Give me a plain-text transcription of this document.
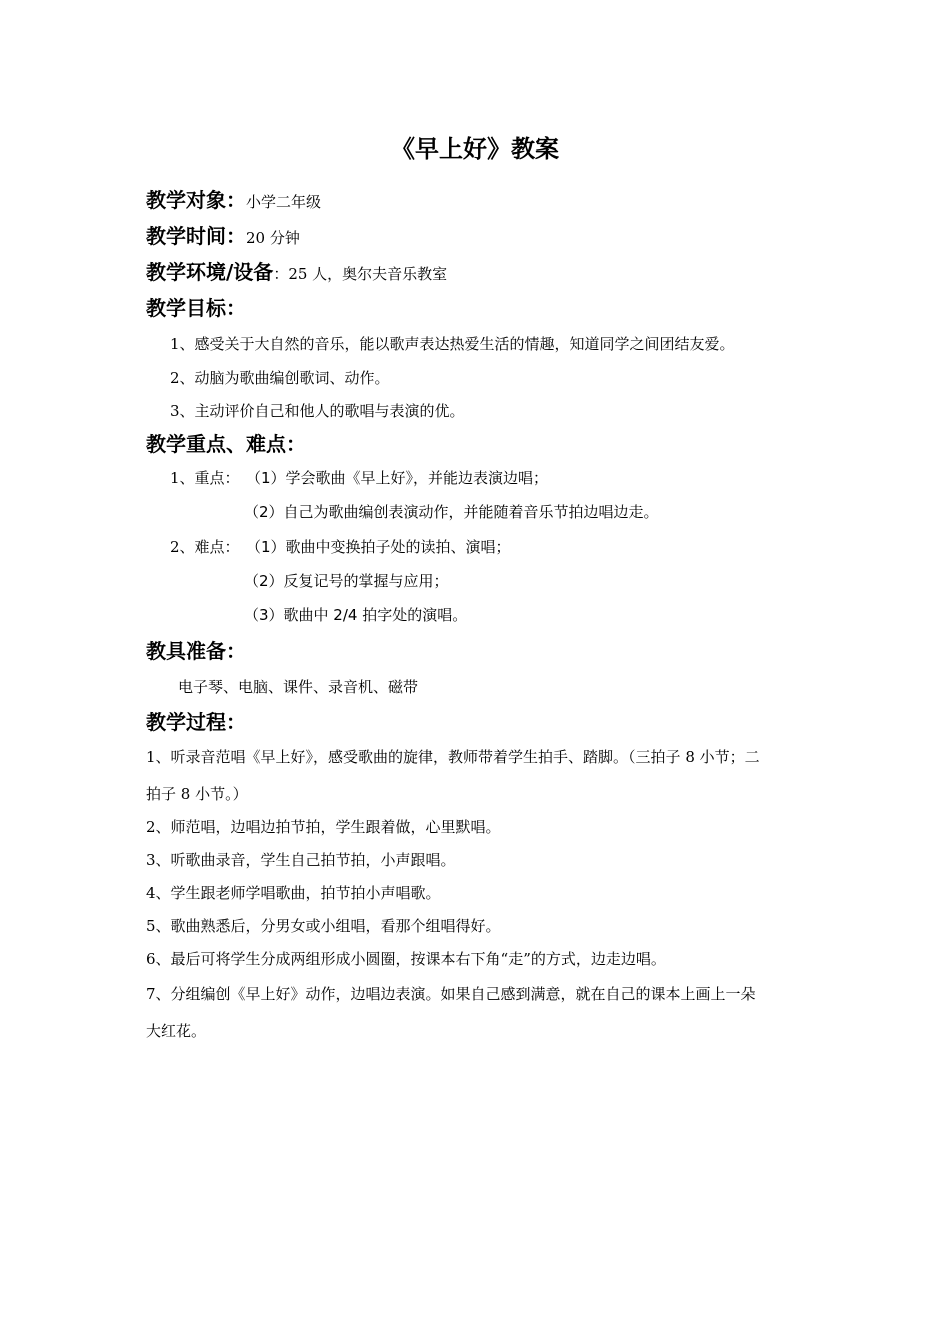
《早上好》教案
教学对象：小学二年级
教学时间：20 分钟
教学环境/设备：25 人，奥尔夫音乐教室
教学目标：
1、感受关于大自然的音乐，能以歌声表达热爱生活的情趣，知道同学之间团结友爱。
2、动脑为歌曲编创歌词、动作。
3、主动评价自己和他人的歌唱与表演的优。
教学重点、难点：
1、重点： （1）学会歌曲《早上好》，并能边表演边唱；
（2）自己为歌曲编创表演动作，并能随着音乐节拍边唱边走。
2、难点： （1）歌曲中变换拍子处的读拍、演唱；
（2）反复记号的掌握与应用；
（3）歌曲中 2/4 拍字处的演唱。
教具准备：
电子琴、电脑、课件、录音机、磁带
教学过程：
1、听录音范唱《早上好》，感受歌曲的旋律，教师带着学生拍手、踏脚。（三拍子 8 小节；二
拍子 8 小节。）
2、师范唱，边唱边拍节拍，学生跟着做，心里默唱。
3、听歌曲录音，学生自己拍节拍，小声跟唱。
4、学生跟老师学唱歌曲，拍节拍小声唱歌。
5、歌曲熟悉后，分男女或小组唱，看那个组唱得好。
6、最后可将学生分成两组形成小圆圈，按课本右下角“走”的方式，边走边唱。
7、分组编创《早上好》动作，边唱边表演。如果自己感到满意，就在自己的课本上画上一朵
大红花。
